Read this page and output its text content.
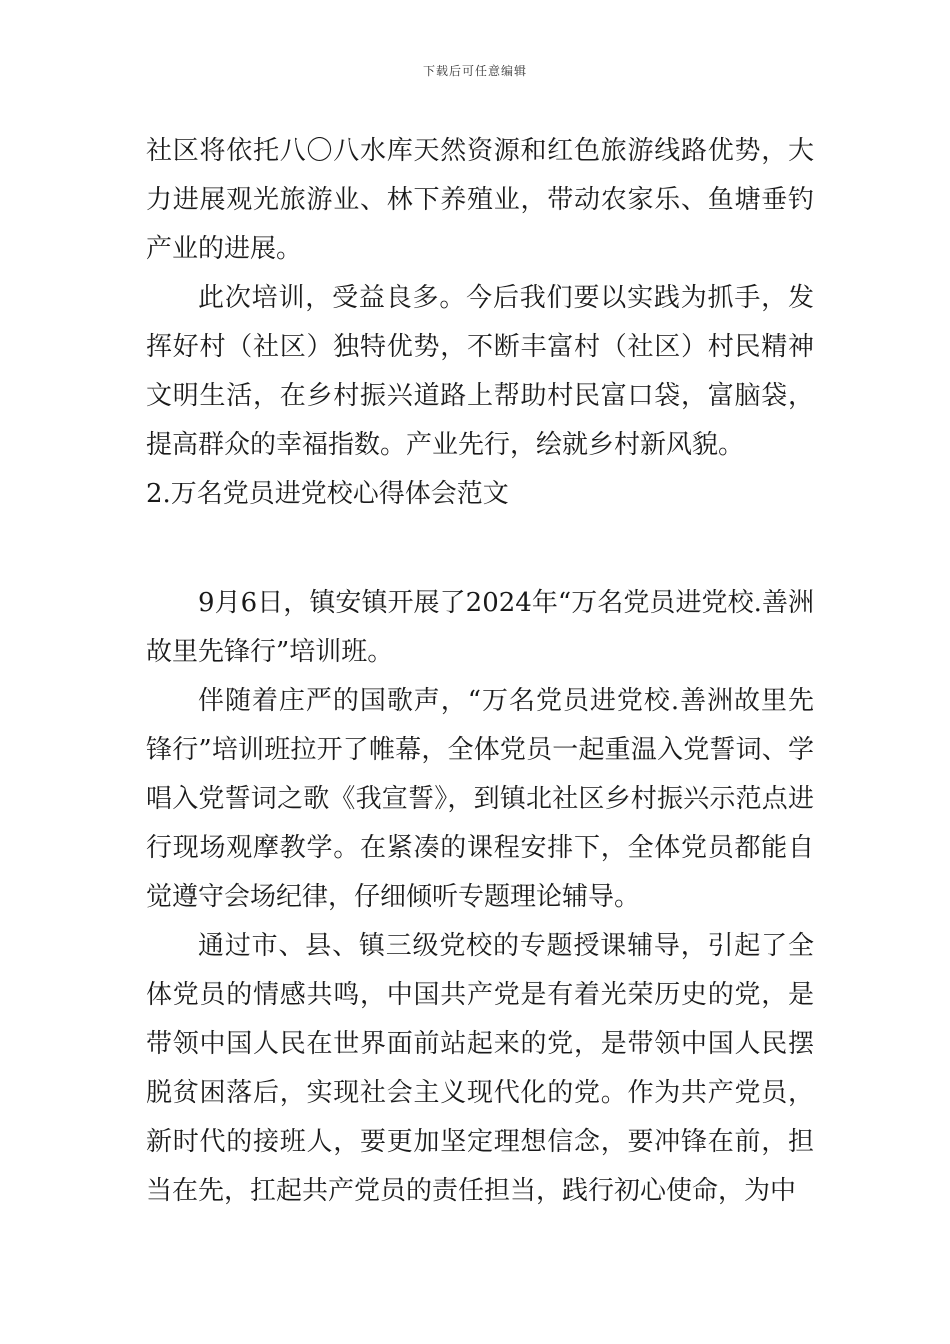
下载后可任意编辑

社区将依托八〇八水库天然资源和红色旅游线路优势，大力进展观光旅游业、林下养殖业，带动农家乐、鱼塘垂钓产业的进展。

此次培训，受益良多。今后我们要以实践为抓手，发挥好村（社区）独特优势，不断丰富村（社区）村民精神文明生活，在乡村振兴道路上帮助村民富口袋，富脑袋，提高群众的幸福指数。产业先行，绘就乡村新风貌。

2.万名党员进党校心得体会范文

9月6日，镇安镇开展了2024年“万名党员进党校.善洲故里先锋行”培训班。

伴随着庄严的国歌声，“万名党员进党校.善洲故里先锋行”培训班拉开了帷幕，全体党员一起重温入党誓词、学唱入党誓词之歌《我宣誓》，到镇北社区乡村振兴示范点进行现场观摩教学。在紧凑的课程安排下，全体党员都能自觉遵守会场纪律，仔细倾听专题理论辅导。

通过市、县、镇三级党校的专题授课辅导，引起了全体党员的情感共鸣，中国共产党是有着光荣历史的党，是带领中国人民在世界面前站起来的党，是带领中国人民摆脱贫困落后，实现社会主义现代化的党。作为共产党员，新时代的接班人，要更加坚定理想信念，要冲锋在前，担当在先，扛起共产党员的责任担当，践行初心使命，为中
